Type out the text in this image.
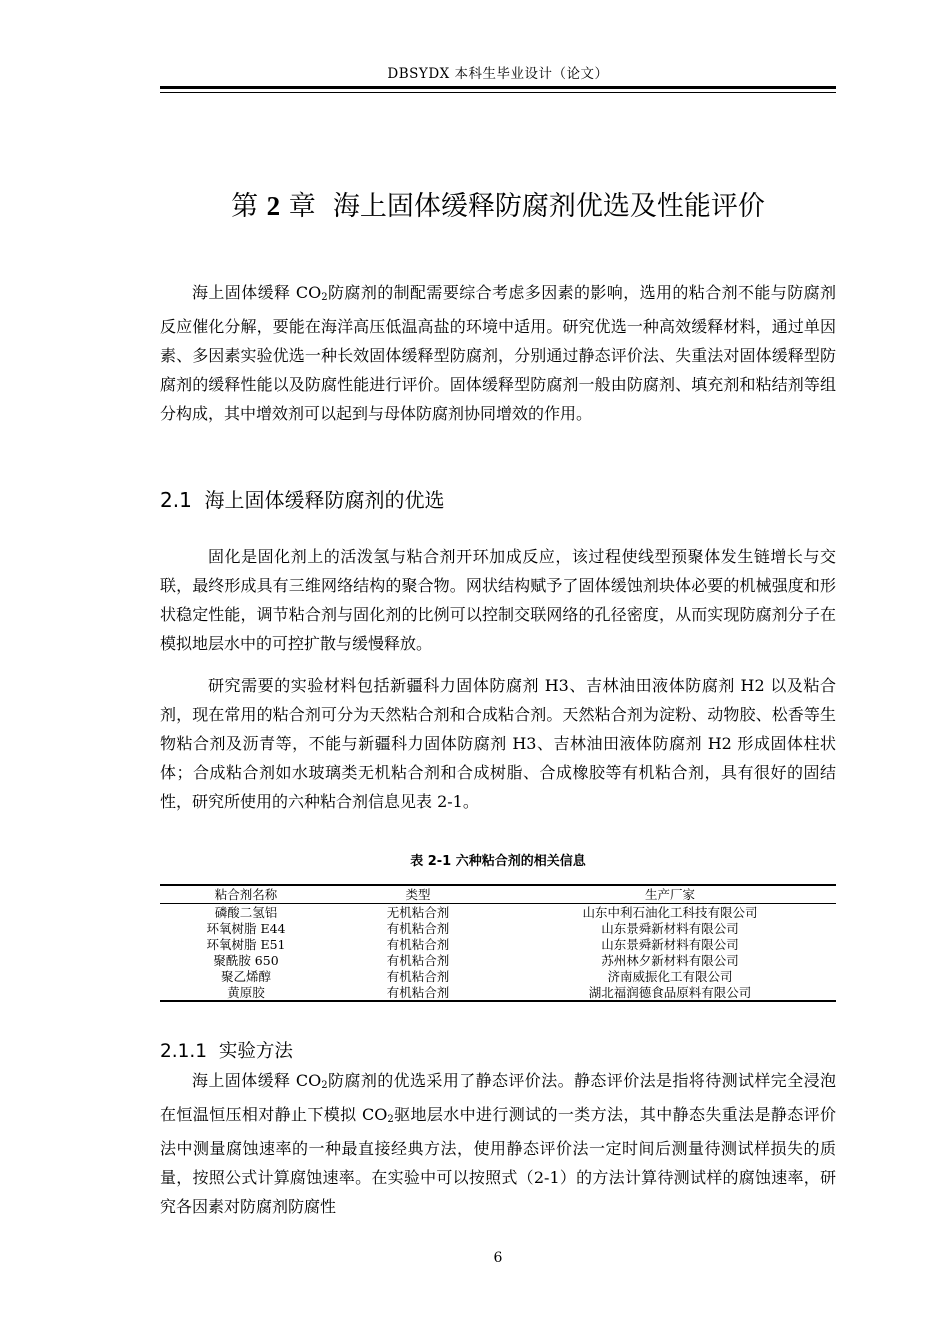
DBSYDX 本科生毕业设计（论文）
第 2 章 海上固体缓释防腐剂优选及性能评价

海上固体缓释 $CO_2$防腐剂的制配需要综合考虑多因素的影响，选用的粘合剂不能与防腐剂反应催化分解，要能在海洋高压低温高盐的环境中适用。研究优选一种高效缓释材料，通过单因素、多因素实验优选一种长效固体缓释型防腐剂，分别通过静态评价法、失重法对固体缓释型防腐剂的缓释性能以及防腐性能进行评价。固体缓释型防腐剂一般由防腐剂、填充剂和粘结剂等组分构成，其中增效剂可以起到与母体防腐剂协同增效的作用。

2.1 海上固体缓释防腐剂的优选

固化是固化剂上的活泼氢与粘合剂开环加成反应，该过程使线型预聚体发生链增长与交联，最终形成具有三维网络结构的聚合物。网状结构赋予了固体缓蚀剂块体必要的机械强度和形状稳定性能，调节粘合剂与固化剂的比例可以控制交联网络的孔径密度，从而实现防腐剂分子在模拟地层水中的可控扩散与缓慢释放。

研究需要的实验材料包括新疆科力固体防腐剂 H3、吉林油田液体防腐剂 H2 以及粘合剂，现在常用的粘合剂可分为天然粘合剂和合成粘合剂。天然粘合剂为淀粉、动物胶、松香等生物粘合剂及沥青等，不能与新疆科力固体防腐剂 H3、吉林油田液体防腐剂 H2 形成固体柱状体；合成粘合剂如水玻璃类无机粘合剂和合成树脂、合成橡胶等有机粘合剂，具有很好的固结性，研究所使用的六种粘合剂信息见表 2-1。

表 2-1 六种粘合剂的相关信息
粘合剂名称	类型	生产厂家
磷酸二氢铝	无机粘合剂	山东中利石油化工科技有限公司
环氧树脂 E44	有机粘合剂	山东景舜新材料有限公司
环氧树脂 E51	有机粘合剂	山东景舜新材料有限公司
聚酰胺 650	有机粘合剂	苏州林夕新材料有限公司
聚乙烯醇	有机粘合剂	济南威振化工有限公司
黄原胶	有机粘合剂	湖北福润德食品原料有限公司
2.1.1 实验方法

海上固体缓释 $CO_2$防腐剂的优选采用了静态评价法。静态评价法是指将待测试样完全浸泡在恒温恒压相对静止下模拟 $CO_2$驱地层水中进行测试的一类方法，其中静态失重法是静态评价法中测量腐蚀速率的一种最直接经典方法，使用静态评价法一定时间后测量待测试样损失的质量，按照公式计算腐蚀速率。在实验中可以按照式（2-1）的方法计算待测试样的腐蚀速率，研究各因素对防腐剂防腐性

6
